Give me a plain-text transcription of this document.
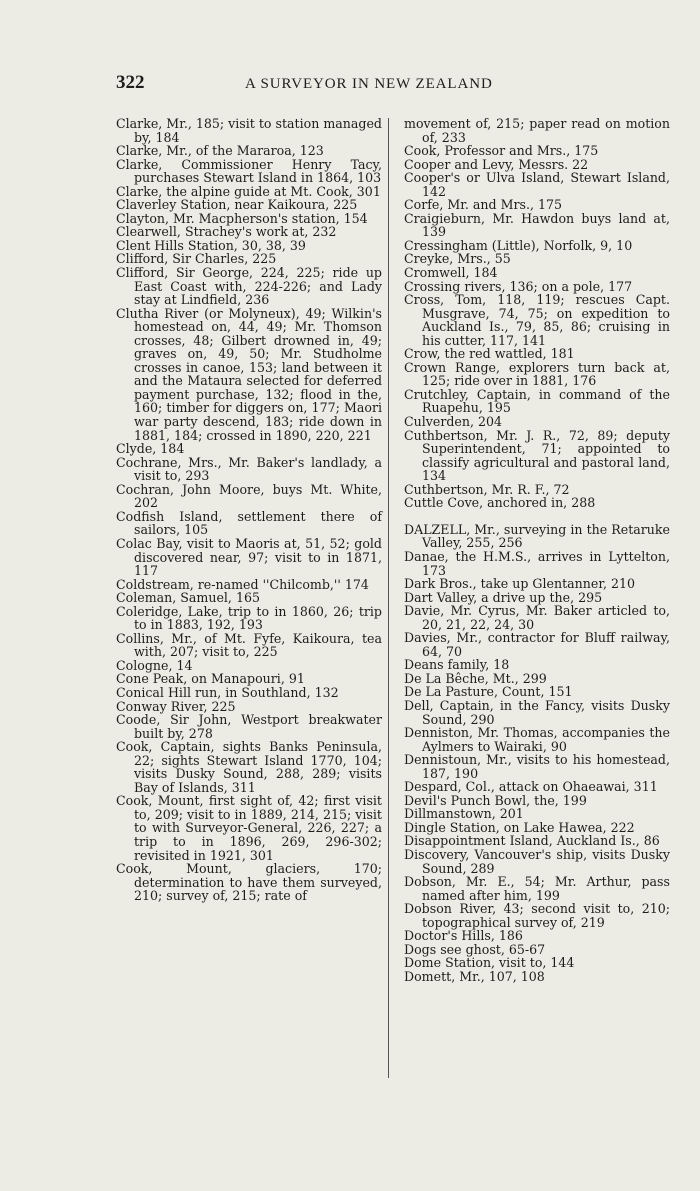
322	A SURVEYOR IN NEW ZEALAND

Clarke, Mr., 185; visit to station managed by, 184

Clarke, Mr., of the Mararoa, 123

Clarke, Commissioner Henry Tacy, purchases Stewart Island in 1864, 103

Clarke, the alpine guide at Mt. Cook, 301

Claverley Station, near Kaikoura, 225

Clayton, Mr. Macpherson's station, 154

Clearwell, Strachey's work at, 232

Clent Hills Station, 30, 38, 39

Clifford, Sir Charles, 225

Clifford, Sir George, 224, 225; ride up East Coast with, 224-226; and Lady stay at Lindfield, 236

Clutha River (or Molyneux), 49; Wilkin's homestead on, 44, 49; Mr. Thomson crosses, 48; Gilbert drowned in, 49; graves on, 49, 50; Mr. Studholme crosses in canoe, 153; land between it and the Mataura selected for deferred payment purchase, 132; flood in the, 160; timber for diggers on, 177; Maori war party descend, 183; ride down in 1881, 184; crossed in 1890, 220, 221

Clyde, 184

Cochrane, Mrs., Mr. Baker's landlady, a visit to, 293

Cochran, John Moore, buys Mt. White, 202

Codfish Island, settlement there of sailors, 105

Colac Bay, visit to Maoris at, 51, 52; gold discovered near, 97; visit to in 1871, 117

Coldstream, re-named ''Chilcomb,'' 174

Coleman, Samuel, 165

Coleridge, Lake, trip to in 1860, 26; trip to in 1883, 192, 193

Collins, Mr., of Mt. Fyfe, Kaikoura, tea with, 207; visit to, 225

Cologne, 14

Cone Peak, on Manapouri, 91

Conical Hill run, in Southland, 132

Conway River, 225

Coode, Sir John, Westport breakwater built by, 278

Cook, Captain, sights Banks Peninsula, 22; sights Stewart Island 1770, 104; visits Dusky Sound, 288, 289; visits Bay of Islands, 311

Cook, Mount, first sight of, 42; first visit to, 209; visit to in 1889, 214, 215; visit to with Surveyor-General, 226, 227; a trip to in 1896, 269, 296-302; revisited in 1921, 301

Cook, Mount, glaciers, 170; determination to have them surveyed, 210; survey of, 215; rate of

movement of, 215; paper read on motion of, 233

Cook, Professor and Mrs., 175

Cooper and Levy, Messrs. 22

Cooper's or Ulva Island, Stewart Island, 142

Corfe, Mr. and Mrs., 175

Craigieburn, Mr. Hawdon buys land at, 139

Cressingham (Little), Norfolk, 9, 10

Creyke, Mrs., 55

Cromwell, 184

Crossing rivers, 136; on a pole, 177

Cross, Tom, 118, 119; rescues Capt. Musgrave, 74, 75; on expedition to Auckland Is., 79, 85, 86; cruising in his cutter, 117, 141

Crow, the red wattled, 181

Crown Range, explorers turn back at, 125; ride over in 1881, 176

Crutchley, Captain, in command of the Ruapehu, 195

Culverden, 204

Cuthbertson, Mr. J. R., 72, 89; deputy Superintendent, 71; appointed to classify agricultural and pastoral land, 134

Cuthbertson, Mr. R. F., 72

Cuttle Cove, anchored in, 288

DALZELL, Mr., surveying in the Retaruke Valley, 255, 256

Danae, the H.M.S., arrives in Lyttelton, 173

Dark Bros., take up Glentanner, 210

Dart Valley, a drive up the, 295

Davie, Mr. Cyrus, Mr. Baker articled to, 20, 21, 22, 24, 30

Davies, Mr., contractor for Bluff railway, 64, 70

Deans family, 18

De La Bêche, Mt., 299

De La Pasture, Count, 151

Dell, Captain, in the Fancy, visits Dusky Sound, 290

Denniston, Mr. Thomas, accompanies the Aylmers to Wairaki, 90

Dennistoun, Mr., visits to his homestead, 187, 190

Despard, Col., attack on Ohaeawai, 311

Devil's Punch Bowl, the, 199

Dillmanstown, 201

Dingle Station, on Lake Hawea, 222

Disappointment Island, Auckland Is., 86

Discovery, Vancouver's ship, visits Dusky Sound, 289

Dobson, Mr. E., 54; Mr. Arthur, pass named after him, 199

Dobson River, 43; second visit to, 210; topographical survey of, 219

Doctor's Hills, 186

Dogs see ghost, 65-67

Dome Station, visit to, 144

Domett, Mr., 107, 108
